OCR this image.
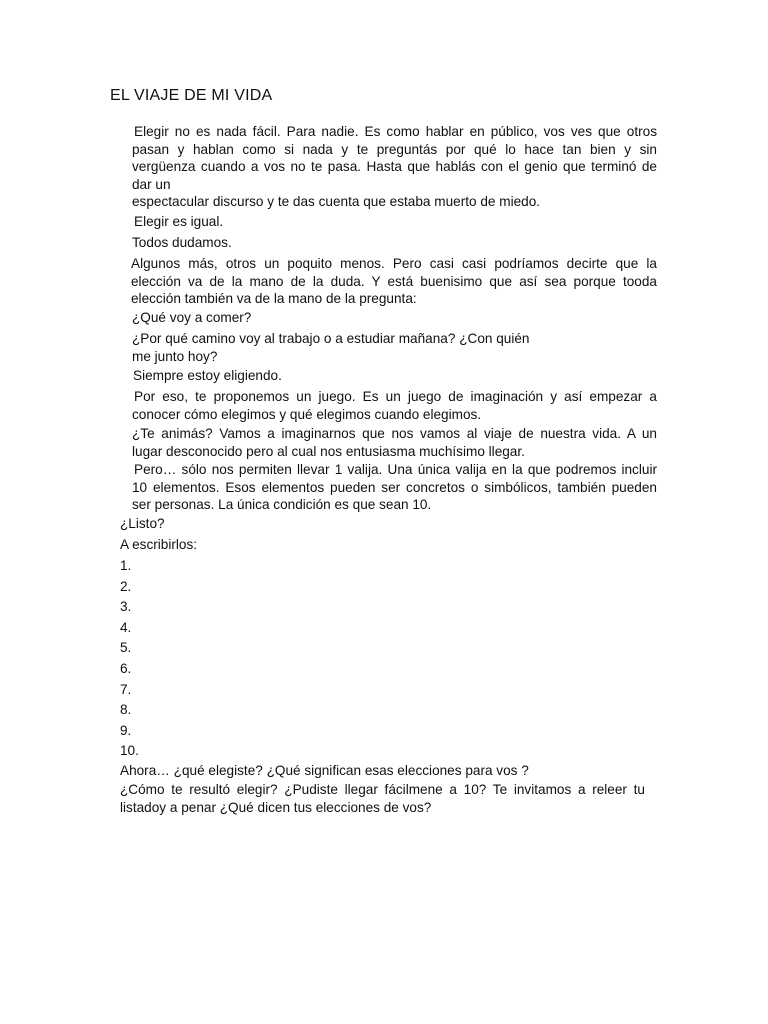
EL VIAJE DE MI VIDA
Elegir no es nada fácil. Para nadie. Es como hablar en público, vos ves que otros
pasan y hablan como si nada y te preguntás por qué lo hace tan bien y sin
vergüenza cuando a vos no te pasa. Hasta que hablás con el genio que terminó de
dar un
espectacular discurso y te das cuenta que estaba muerto de miedo.
Elegir es igual.
Todos dudamos.
Algunos más, otros un poquito menos. Pero casi casi podríamos decirte que la
elección va de la mano de la duda. Y está buenisimo que así sea porque tooda
elección también va de la mano de la pregunta:
¿Qué voy a comer?
¿Por qué camino voy al trabajo o a estudiar mañana? ¿Con quién
me junto hoy?
Siempre estoy eligiendo.
Por eso, te proponemos un juego. Es un juego de imaginación y así empezar a
conocer cómo elegimos y qué elegimos cuando elegimos.
¿Te animás? Vamos a imaginarnos que nos vamos al viaje de nuestra vida. A un
lugar desconocido pero al cual nos entusiasma muchísimo llegar.
Pero… sólo nos permiten llevar 1 valija. Una única valija en la que podremos incluir
10 elementos. Esos elementos pueden ser concretos o simbólicos, también pueden
ser personas. La única condición es que sean 10.
¿Listo?
A escribirlos:
1.
2.
3.
4.
5.
6.
7.
8.
9.
10.
Ahora… ¿qué elegiste? ¿Qué significan esas elecciones para vos ?
¿Cómo te resultó elegir? ¿Pudiste llegar fácilmene a 10? Te invitamos a releer tu
listadoy a penar ¿Qué dicen tus elecciones de vos?
